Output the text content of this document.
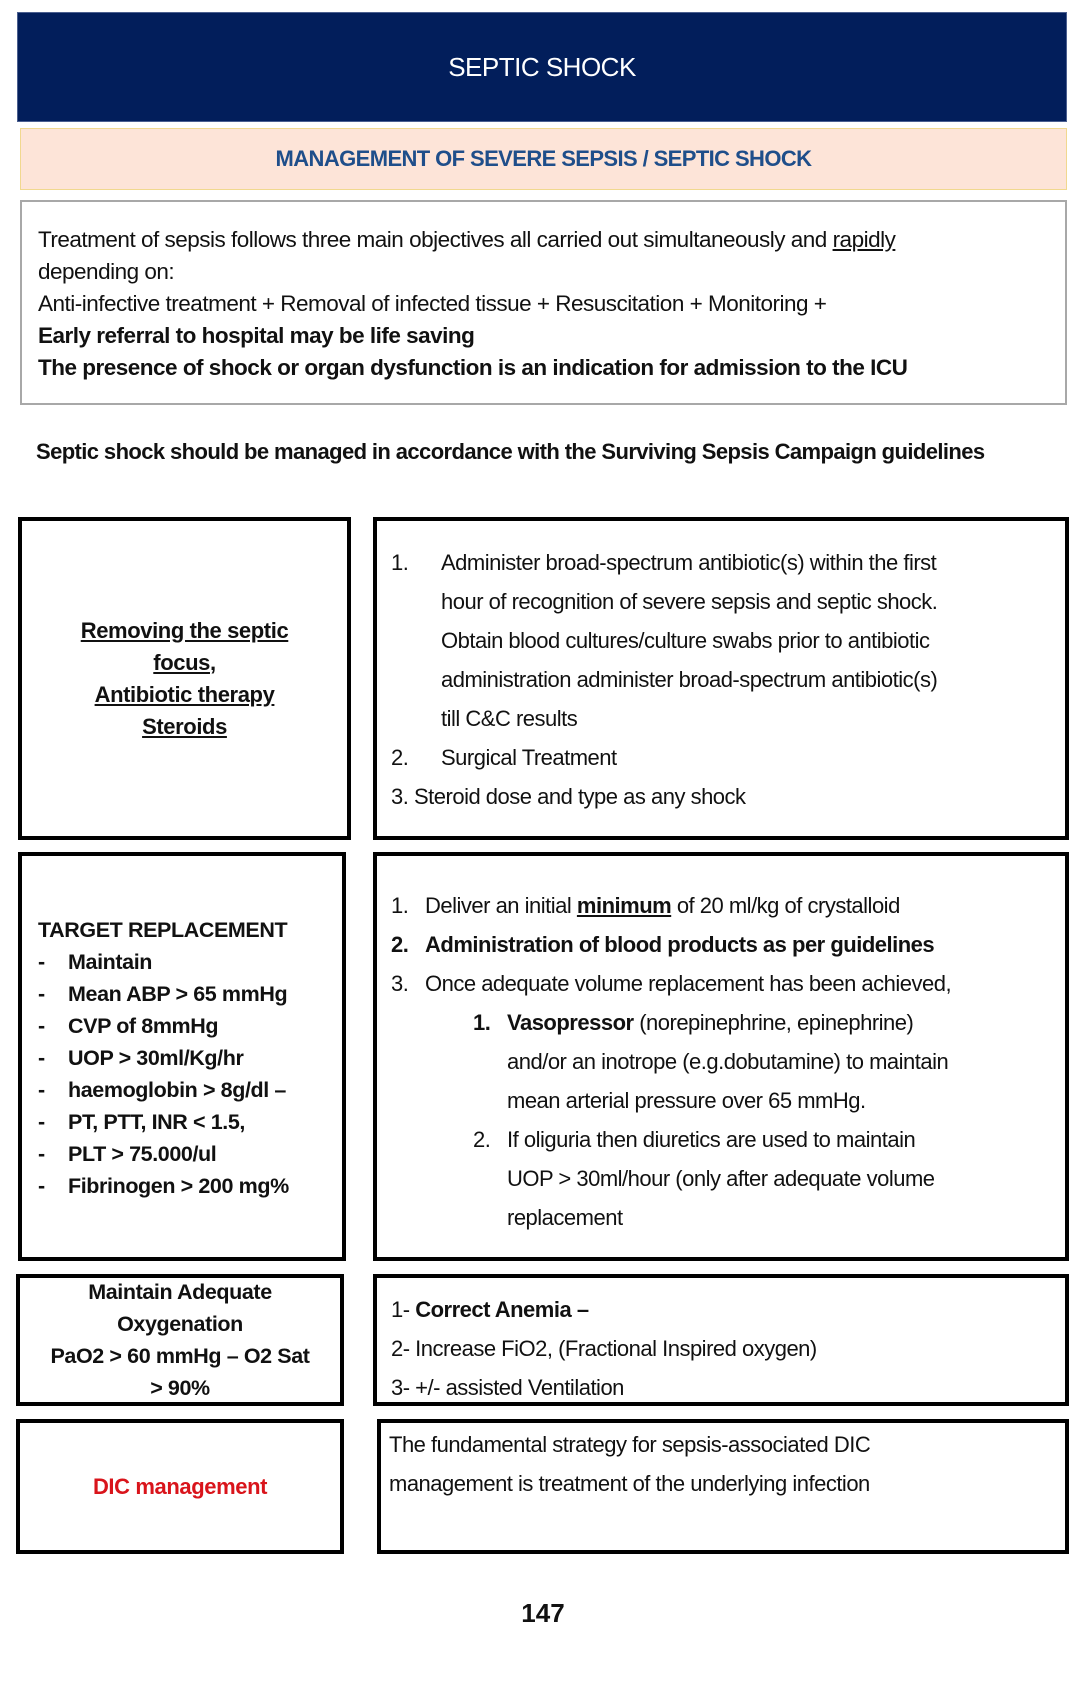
SEPTIC SHOCK
MANAGEMENT OF SEVERE SEPSIS / SEPTIC SHOCK

Treatment of sepsis follows three main objectives all carried out simultaneously and rapidly

depending on:

Anti-infective treatment + Removal of infected tissue + Resuscitation + Monitoring +

Early referral to hospital may be life saving

The presence of shock or organ dysfunction is an indication for admission to the ICU

Septic shock should be managed in accordance with the Surviving Sepsis Campaign guidelines
Removing the septic
focus,
Antibiotic therapy
Steroids
1. Administer broad-spectrum antibiotic(s) within the first
hour of recognition of severe sepsis and septic shock.
Obtain blood cultures/culture swabs prior to antibiotic
administration administer broad-spectrum antibiotic(s)
till C&C results
2. Surgical Treatment
3. Steroid dose and type as any shock
TARGET REPLACEMENT
- Maintain
- Mean ABP > 65 mmHg
- CVP of 8mmHg
- UOP > 30ml/Kg/hr
- haemoglobin > 8g/dl –
- PT, PTT, INR < 1.5,
- PLT > 75.000/ul
- Fibrinogen > 200 mg%
1. Deliver an initial minimum of 20 ml/kg of crystalloid
2. Administration of blood products as per guidelines
3. Once adequate volume replacement has been achieved,
1. Vasopressor (norepinephrine, epinephrine)
and/or an inotrope (e.g.dobutamine) to maintain
mean arterial pressure over 65 mmHg.
2. If oliguria then diuretics are used to maintain
UOP > 30ml/hour (only after adequate volume
replacement
Maintain Adequate
Oxygenation
PaO2 > 60 mmHg – O2 Sat
> 90%
1- Correct Anemia –
2- Increase FiO2, (Fractional Inspired oxygen)
3- +/- assisted Ventilation
DIC management
The fundamental strategy for sepsis-associated DIC
management is treatment of the underlying infection
147
